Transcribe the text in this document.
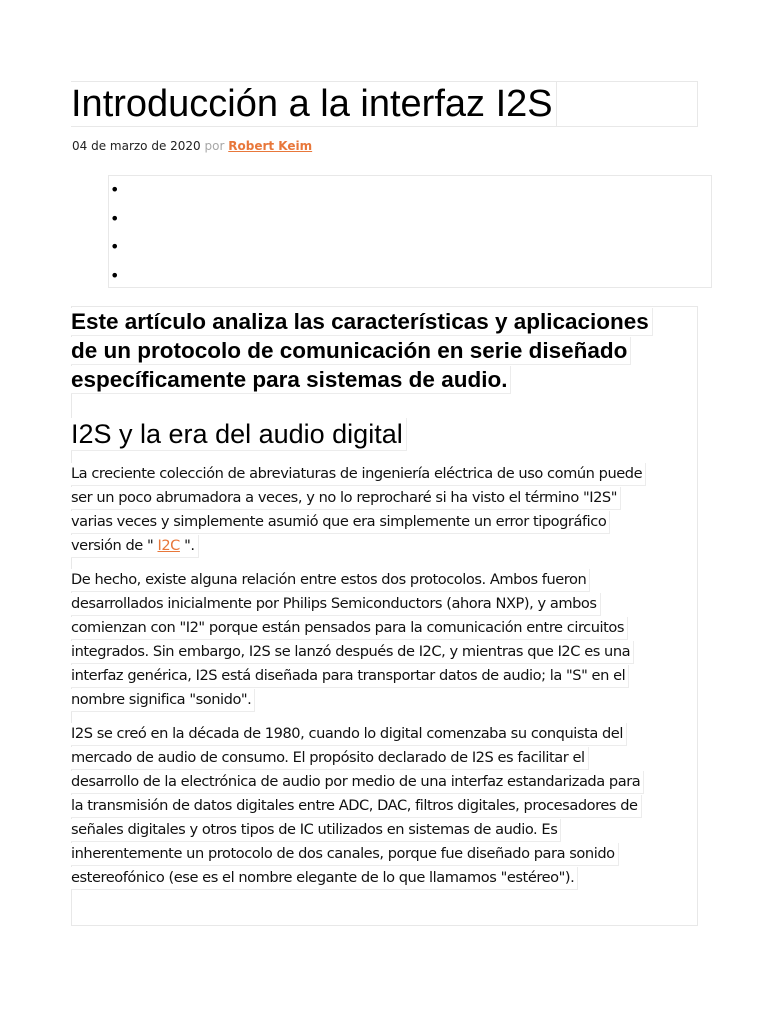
Introducción a la interfaz I2S
04 de marzo de 2020 por Robert Keim
•
•
•
•
Este artículo analiza las características y aplicaciones
de un protocolo de comunicación en serie diseñado
específicamente para sistemas de audio.
I2S y la era del audio digital
La creciente colección de abreviaturas de ingeniería eléctrica de uso común puede
ser un poco abrumadora a veces, y no lo reprocharé si ha visto el término "I2S"
varias veces y simplemente asumió que era simplemente un error tipográfico
versión de " I2C ".
De hecho, existe alguna relación entre estos dos protocolos. Ambos fueron
desarrollados inicialmente por Philips Semiconductors (ahora NXP), y ambos
comienzan con "I2" porque están pensados para la comunicación entre circuitos
integrados. Sin embargo, I2S se lanzó después de I2C, y mientras que I2C es una
interfaz genérica, I2S está diseñada para transportar datos de audio; la "S" en el
nombre significa "sonido".
I2S se creó en la década de 1980, cuando lo digital comenzaba su conquista del
mercado de audio de consumo. El propósito declarado de I2S es facilitar el
desarrollo de la electrónica de audio por medio de una interfaz estandarizada para
la transmisión de datos digitales entre ADC, DAC, filtros digitales, procesadores de
señales digitales y otros tipos de IC utilizados en sistemas de audio. Es
inherentemente un protocolo de dos canales, porque fue diseñado para sonido
estereofónico (ese es el nombre elegante de lo que llamamos "estéreo").
